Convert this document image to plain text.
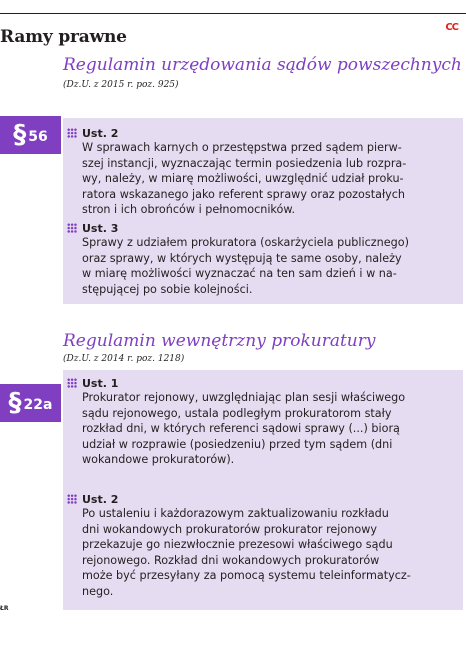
Ramy prawne	CC
Regulamin urzędowania sądów powszechnych
(Dz.U. z 2015 r. poz. 925)
§ 56	Ust. 2

W sprawach karnych o przestępstwa przed sądem pierw-
szej instancji, wyznaczając termin posiedzenia lub rozpra-
wy, należy, w miarę możliwości, uwzględnić udział proku-
ratora wskazanego jako referent sprawy oraz pozostałych
stron i ich obrońców i pełnomocników.

Ust. 3

Sprawy z udziałem prokuratora (oskarżyciela publicznego)
oraz sprawy, w których występują te same osoby, należy
w miarę możliwości wyznaczać na ten sam dzień i w na-
stępującej po sobie kolejności.

Regulamin wewnętrzny prokuratury
(Dz.U. z 2014 r. poz. 1218)
§ 22a
Ust. 1

Prokurator rejonowy, uwzględniając plan sesji właściwego
sądu rejonowego, ustala podległym prokuratorom stały
rozkład dni, w których referenci sądowi sprawy (...) biorą
udział w rozprawie (posiedzeniu) przed tym sądem (dni
wokandowe prokuratorów).

Ust. 2

Po ustaleniu i każdorazowym zaktualizowaniu rozkładu
dni wokandowych prokuratorów prokurator rejonowy
przekazuje go niezwłocznie prezesowi właściwego sądu
rejonowego. Rozkład dni wokandowych prokuratorów
może być przesyłany za pomocą systemu teleinformatycz-
nego.

ŁR
